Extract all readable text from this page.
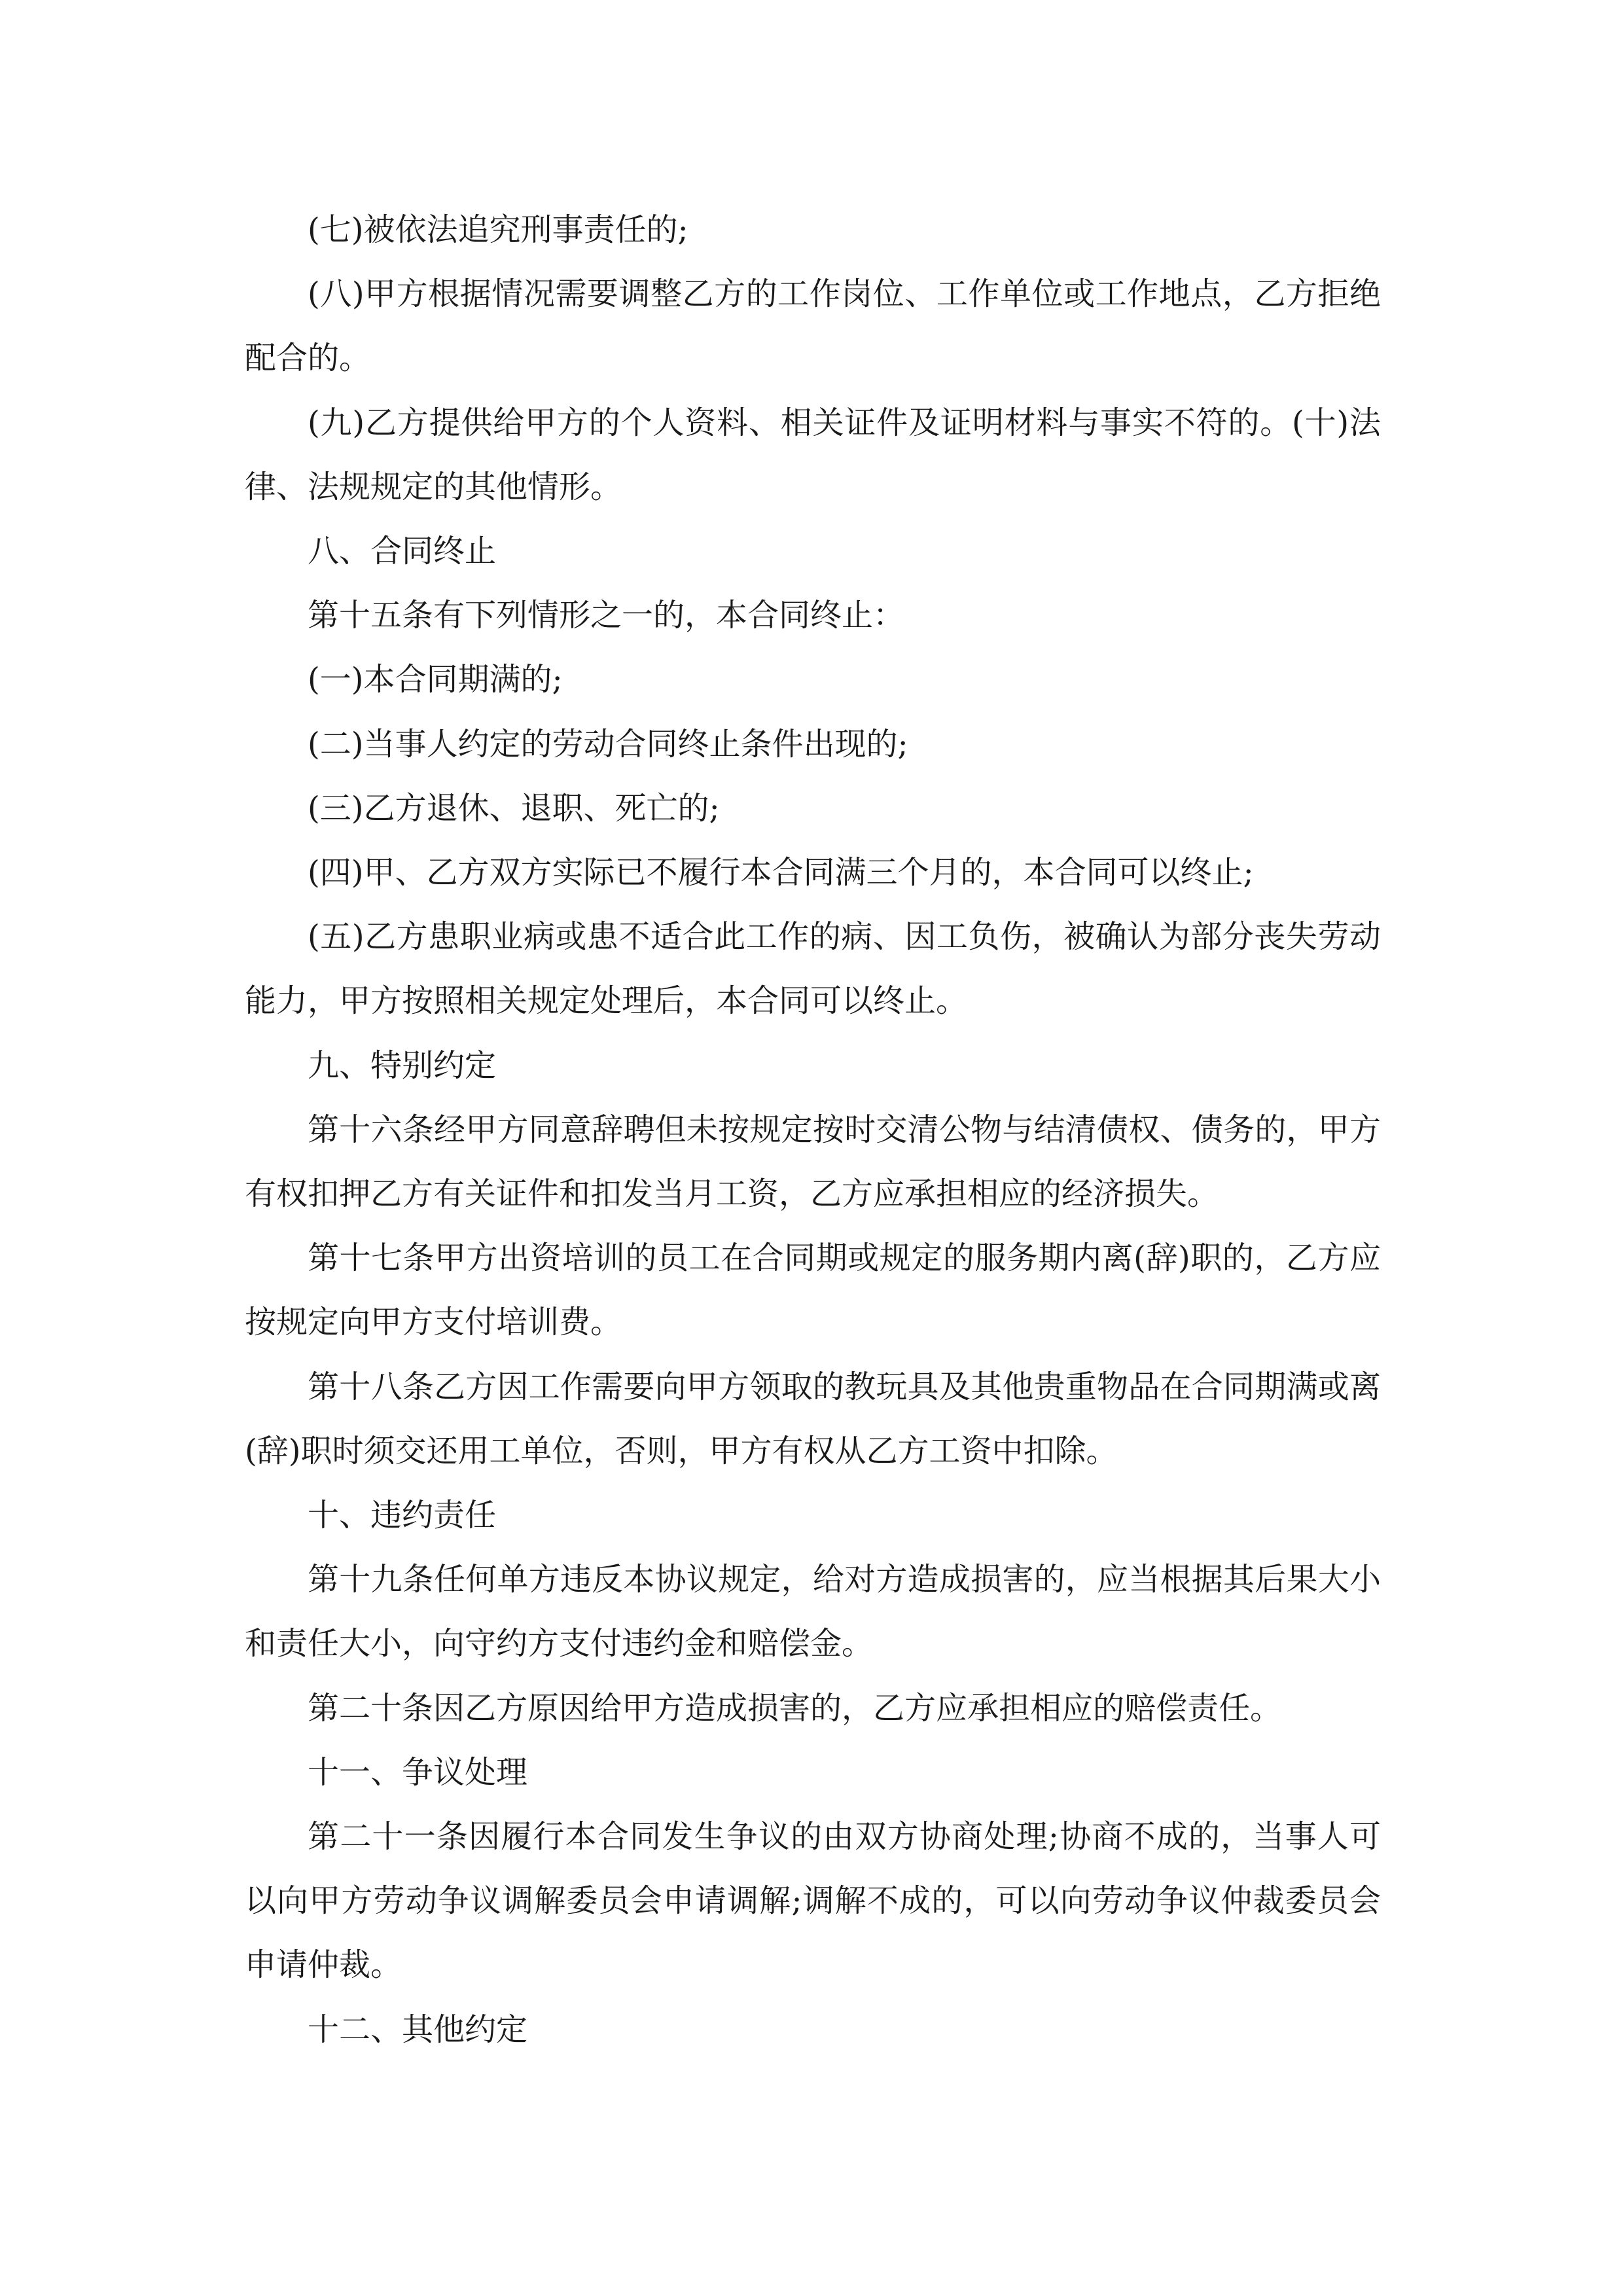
(七)被依法追究刑事责任的;

(八)甲方根据情况需要调整乙方的工作岗位、工作单位或工作地点，乙方拒绝配合的。

(九)乙方提供给甲方的个人资料、相关证件及证明材料与事实不符的。(十)法律、法规规定的其他情形。

八、合同终止

第十五条有下列情形之一的，本合同终止：

(一)本合同期满的;

(二)当事人约定的劳动合同终止条件出现的;

(三)乙方退休、退职、死亡的;

(四)甲、乙方双方实际已不履行本合同满三个月的，本合同可以终止;

(五)乙方患职业病或患不适合此工作的病、因工负伤，被确认为部分丧失劳动能力，甲方按照相关规定处理后，本合同可以终止。

九、特别约定

第十六条经甲方同意辞聘但未按规定按时交清公物与结清债权、债务的，甲方有权扣押乙方有关证件和扣发当月工资，乙方应承担相应的经济损失。

第十七条甲方出资培训的员工在合同期或规定的服务期内离(辞)职的，乙方应按规定向甲方支付培训费。

第十八条乙方因工作需要向甲方领取的教玩具及其他贵重物品在合同期满或离(辞)职时须交还用工单位，否则，甲方有权从乙方工资中扣除。

十、违约责任

第十九条任何单方违反本协议规定，给对方造成损害的，应当根据其后果大小和责任大小，向守约方支付违约金和赔偿金。

第二十条因乙方原因给甲方造成损害的，乙方应承担相应的赔偿责任。

十一、争议处理

第二十一条因履行本合同发生争议的由双方协商处理;协商不成的，当事人可以向甲方劳动争议调解委员会申请调解;调解不成的，可以向劳动争议仲裁委员会申请仲裁。

十二、其他约定
